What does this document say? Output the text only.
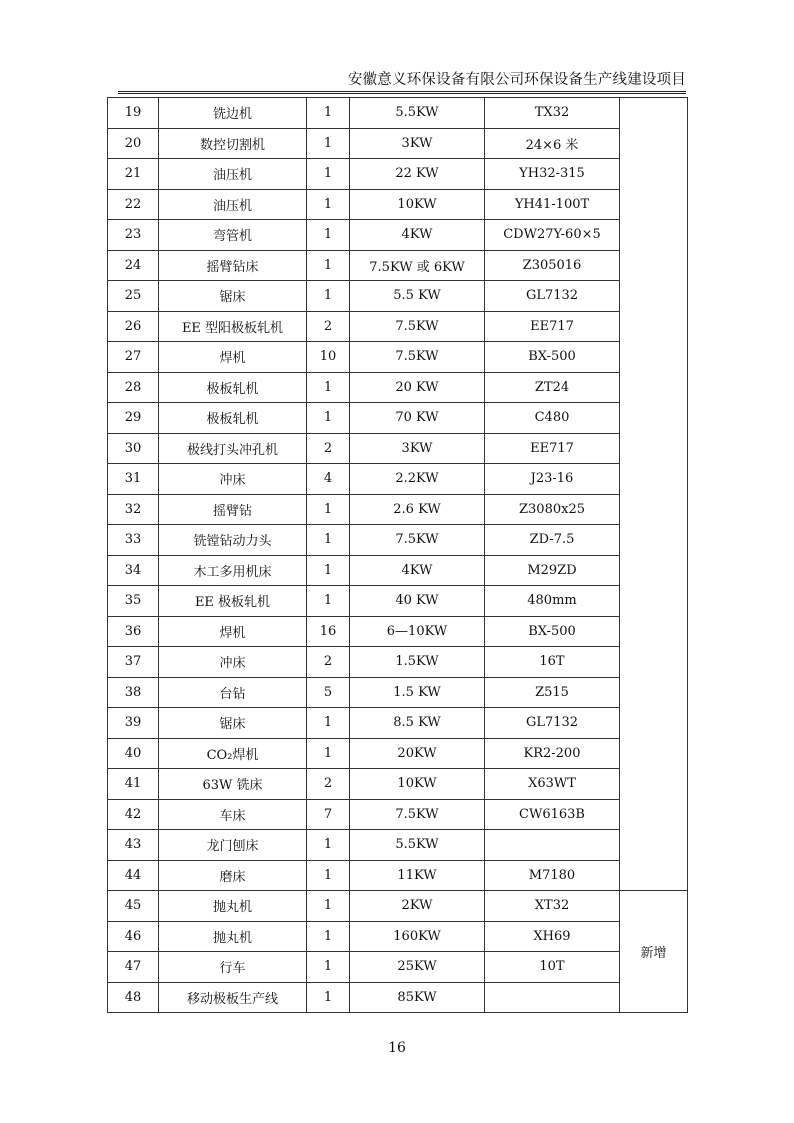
安徽意义环保设备有限公司环保设备生产线建设项目
19	铣边机	1	5.5KW	TX32	
20	数控切割机	1	3KW	24×6 米	
21	油压机	1	22 KW	YH32-315	
22	油压机	1	10KW	YH41-100T	
23	弯管机	1	4KW	CDW27Y-60×5	
24	摇臂钻床	1	7.5KW 或 6KW	Z305016	
25	锯床	1	5.5 KW	GL7132	
26	EE 型阳极板轧机	2	7.5KW	EE717	
27	焊机	10	7.5KW	BX-500	
28	极板轧机	1	20 KW	ZT24	
29	极板轧机	1	70 KW	C480	
30	极线打头冲孔机	2	3KW	EE717	
31	冲床	4	2.2KW	J23-16	
32	摇臂钻	1	2.6 KW	Z3080x25	
33	铣镗钻动力头	1	7.5KW	ZD-7.5	
34	木工多用机床	1	4KW	M29ZD	
35	EE 极板轧机	1	40 KW	480mm	
36	焊机	16	6—10KW	BX-500	
37	冲床	2	1.5KW	16T	
38	台钻	5	1.5 KW	Z515	
39	锯床	1	8.5 KW	GL7132	
40	CO₂焊机	1	20KW	KR2-200	
41	63W 铣床	2	10KW	X63WT	
42	车床	7	7.5KW	CW6163B	
43	龙门刨床	1	5.5KW		
44	磨床	1	11KW	M7180	
45	抛丸机	1	2KW	XT32	新增
46	抛丸机	1	160KW	XH69	
47	行车	1	25KW	10T	
48	移动极板生产线	1	85KW		
16
